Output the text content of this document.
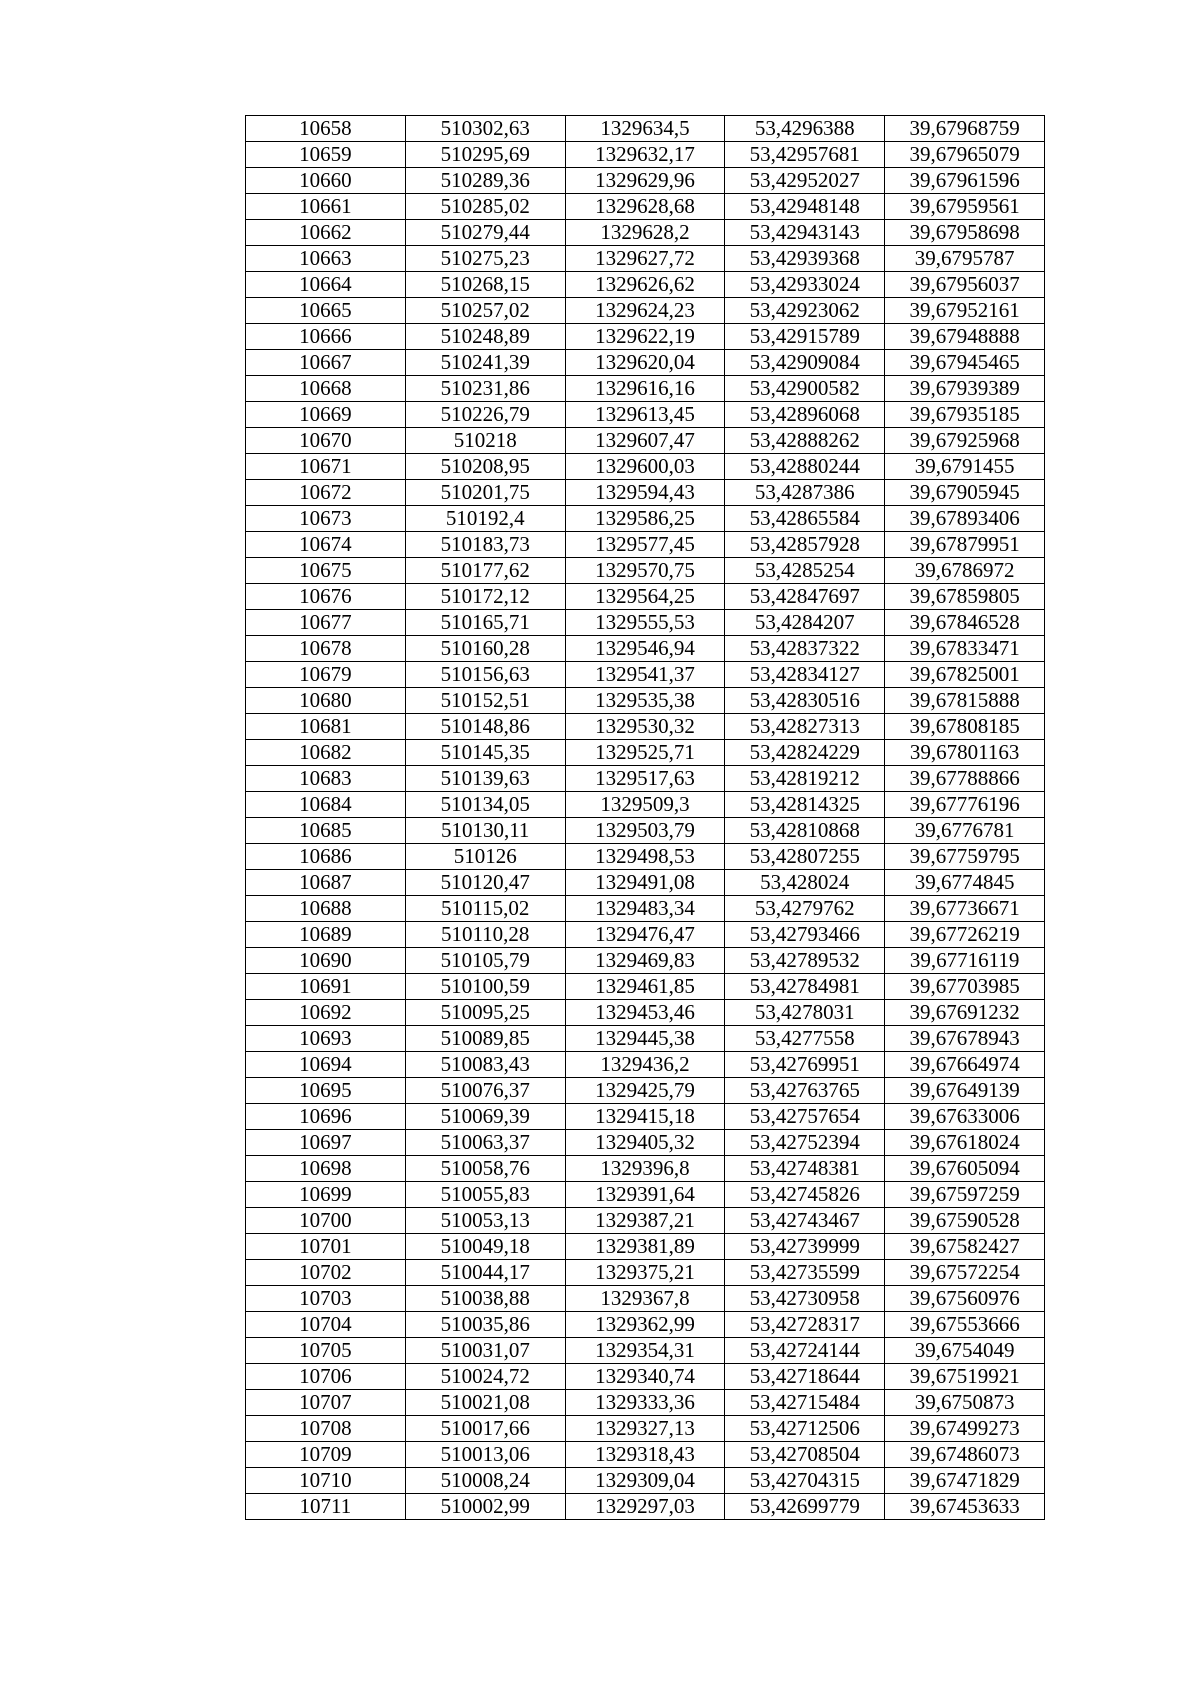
10658	510302,63	1329634,5	53,4296388	39,67968759
10659	510295,69	1329632,17	53,42957681	39,67965079
10660	510289,36	1329629,96	53,42952027	39,67961596
10661	510285,02	1329628,68	53,42948148	39,67959561
10662	510279,44	1329628,2	53,42943143	39,67958698
10663	510275,23	1329627,72	53,42939368	39,6795787
10664	510268,15	1329626,62	53,42933024	39,67956037
10665	510257,02	1329624,23	53,42923062	39,67952161
10666	510248,89	1329622,19	53,42915789	39,67948888
10667	510241,39	1329620,04	53,42909084	39,67945465
10668	510231,86	1329616,16	53,42900582	39,67939389
10669	510226,79	1329613,45	53,42896068	39,67935185
10670	510218	1329607,47	53,42888262	39,67925968
10671	510208,95	1329600,03	53,42880244	39,6791455
10672	510201,75	1329594,43	53,4287386	39,67905945
10673	510192,4	1329586,25	53,42865584	39,67893406
10674	510183,73	1329577,45	53,42857928	39,67879951
10675	510177,62	1329570,75	53,4285254	39,6786972
10676	510172,12	1329564,25	53,42847697	39,67859805
10677	510165,71	1329555,53	53,4284207	39,67846528
10678	510160,28	1329546,94	53,42837322	39,67833471
10679	510156,63	1329541,37	53,42834127	39,67825001
10680	510152,51	1329535,38	53,42830516	39,67815888
10681	510148,86	1329530,32	53,42827313	39,67808185
10682	510145,35	1329525,71	53,42824229	39,67801163
10683	510139,63	1329517,63	53,42819212	39,67788866
10684	510134,05	1329509,3	53,42814325	39,67776196
10685	510130,11	1329503,79	53,42810868	39,6776781
10686	510126	1329498,53	53,42807255	39,67759795
10687	510120,47	1329491,08	53,428024	39,6774845
10688	510115,02	1329483,34	53,4279762	39,67736671
10689	510110,28	1329476,47	53,42793466	39,67726219
10690	510105,79	1329469,83	53,42789532	39,67716119
10691	510100,59	1329461,85	53,42784981	39,67703985
10692	510095,25	1329453,46	53,4278031	39,67691232
10693	510089,85	1329445,38	53,4277558	39,67678943
10694	510083,43	1329436,2	53,42769951	39,67664974
10695	510076,37	1329425,79	53,42763765	39,67649139
10696	510069,39	1329415,18	53,42757654	39,67633006
10697	510063,37	1329405,32	53,42752394	39,67618024
10698	510058,76	1329396,8	53,42748381	39,67605094
10699	510055,83	1329391,64	53,42745826	39,67597259
10700	510053,13	1329387,21	53,42743467	39,67590528
10701	510049,18	1329381,89	53,42739999	39,67582427
10702	510044,17	1329375,21	53,42735599	39,67572254
10703	510038,88	1329367,8	53,42730958	39,67560976
10704	510035,86	1329362,99	53,42728317	39,67553666
10705	510031,07	1329354,31	53,42724144	39,6754049
10706	510024,72	1329340,74	53,42718644	39,67519921
10707	510021,08	1329333,36	53,42715484	39,6750873
10708	510017,66	1329327,13	53,42712506	39,67499273
10709	510013,06	1329318,43	53,42708504	39,67486073
10710	510008,24	1329309,04	53,42704315	39,67471829
10711	510002,99	1329297,03	53,42699779	39,67453633
